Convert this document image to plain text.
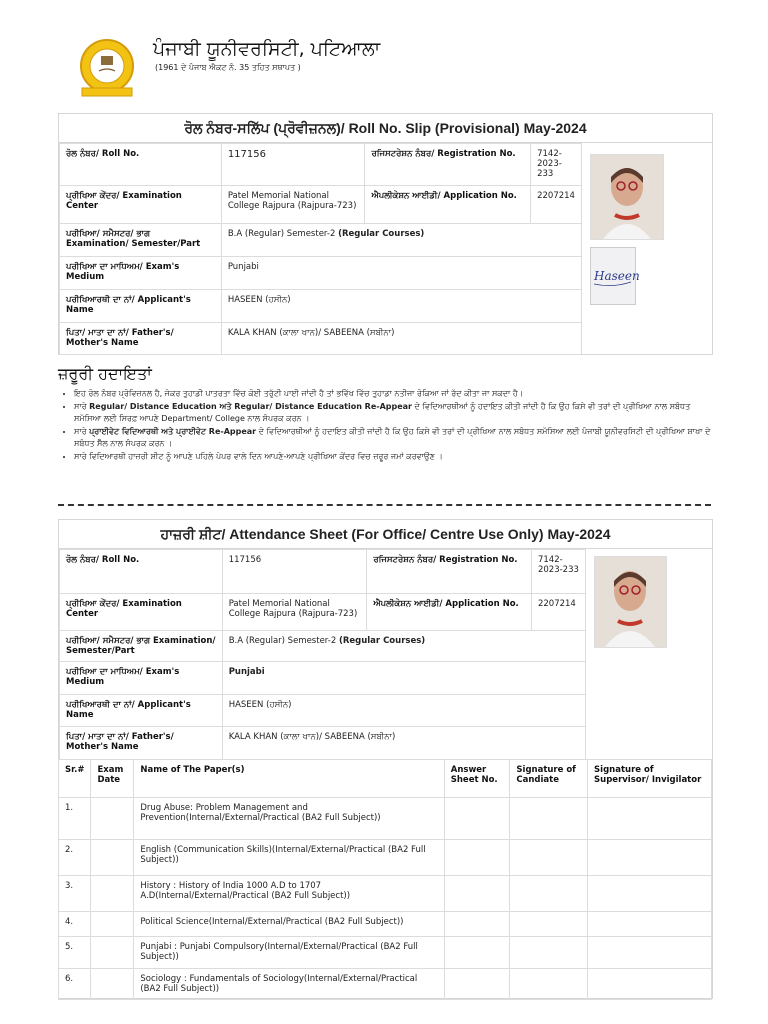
ਪੰਜਾਬੀ ਯੂਨੀਵਰਸਿਟੀ, ਪਟਿਆਲਾ
(1961 ਦੇ ਪੰਜਾਬ ਐਕਟ ਨੰ. 35 ਤਹਿਤ ਸਥਾਪਤ )
ਰੋਲ ਨੰਬਰ-ਸਲਿੱਪ (ਪ੍ਰੋਵੀਜ਼ਨਲ)/ Roll No. Slip (Provisional) May-2024
ਰੋਲ ਨੰਬਰ/ Roll No.	117156	ਰਜਿਸਟਰੇਸ਼ਨ ਨੰਬਰ/ Registration No.	7142-2023-233
ਪ੍ਰੀਖਿਆ ਕੇਂਦਰ/ Examination Center	Patel Memorial National College Rajpura (Rajpura-723)	ਐਪਲੀਕੇਸ਼ਨ ਆਈਡੀ/ Application No.	2207214
ਪਰੀਖਿਆ/ ਸਮੈਸਟਰ/ ਭਾਗ Examination/ Semester/Part	B.A (Regular) Semester-2 (Regular Courses)		
ਪਰੀਖਿਆ ਦਾ ਮਾਧਿਅਮ/ Exam's Medium	Punjabi		
ਪਰੀਖਿਆਰਥੀ ਦਾ ਨਾਂ/ Applicant's Name	HASEEN (ਹਸੀਨ)		
ਪਿਤਾ/ ਮਾਤਾ ਦਾ ਨਾਂ/ Father's/ Mother's Name	KALA KHAN (ਕਾਲਾ ਖਾਨ)/ SABEENA (ਸਬੀਨਾ)		
Haseen
ਜ਼ਰੂਰੀ ਹਦਾਇਤਾਂ
• ਇਹ ਰੋਲ ਨੰਬਰ ਪ੍ਰੋਵਿਜ਼ਨਲ ਹੈ, ਜੇਕਰ ਤੁਹਾਡੀ ਪਾਤਰਤਾ ਵਿੱਚ ਕੋਈ ਤਰੁੱਟੀ ਪਾਈ ਜਾਂਦੀ ਹੈ ਤਾਂ ਭਵਿੱਖ ਵਿੱਚ ਤੁਹਾਡਾ ਨਤੀਜਾ ਰੋਕਿਆ ਜਾਂ ਰੱਦ ਕੀਤਾ ਜਾ ਸਕਦਾ ਹੈ।
• ਸਾਰੇ Regular/ Distance Education ਅਤੇ Regular/ Distance Education Re-Appear ਦੇ ਵਿਦਿਆਰਥੀਆਂ ਨੂੰ ਹਦਾਇਤ ਕੀਤੀ ਜਾਂਦੀ ਹੈ ਕਿ ਉਹ ਕਿਸੇ ਵੀ ਤਰਾਂ ਦੀ ਪ੍ਰੀਖਿਆ ਨਾਲ ਸਬੰਧਤ ਸਮੱਸਿਆ ਲਈ ਸਿਰਫ਼ ਆਪਣੇ Department/ College ਨਾਲ ਸੰਪਰਕ ਕਰਨ ।
• ਸਾਰੇ ਪ੍ਰਾਈਵੇਟ ਵਿਦਿਆਰਥੀ ਅਤੇ ਪ੍ਰਾਈਵੇਟ Re-Appear ਦੇ ਵਿਦਿਆਰਥੀਆਂ ਨੂੰ ਹਦਾਇਤ ਕੀਤੀ ਜਾਂਦੀ ਹੈ ਕਿ ਉਹ ਕਿਸੇ ਵੀ ਤਰਾਂ ਦੀ ਪ੍ਰੀਖਿਆ ਨਾਲ ਸਬੰਧਤ ਸਮੱਸਿਆ ਲਈ ਪੰਜਾਬੀ ਯੂਨੀਵਰਸਿਟੀ ਦੀ ਪ੍ਰੀਖਿਆ ਸ਼ਾਖਾ ਦੇ ਸਬੰਧਤ ਸੈੱਲ ਨਾਲ ਸੰਪਰਕ ਕਰਨ ।
• ਸਾਰੇ ਵਿਦਿਆਰਥੀ ਹਾਜ਼ਰੀ ਸ਼ੀਟ ਨੂੰ ਆਪਣੇ ਪਹਿਲੇ ਪੇਪਰ ਵਾਲੇ ਦਿਨ ਆਪਣੇ-ਆਪਣੇ ਪ੍ਰੀਖਿਆ ਕੇਂਦਰ ਵਿਚ ਜ਼ਰੂਰ ਜਮਾਂ ਕਰਵਾਉਣ ।
ਹਾਜ਼ਰੀ ਸ਼ੀਟ/ Attendance Sheet (For Office/ Centre Use Only) May-2024
ਰੋਲ ਨੰਬਰ/ Roll No.	117156	ਰਜਿਸਟਰੇਸ਼ਨ ਨੰਬਰ/ Registration No.	7142-2023-233
ਪ੍ਰੀਖਿਆ ਕੇਂਦਰ/ Examination Center	Patel Memorial National College Rajpura (Rajpura-723)	ਐਪਲੀਕੇਸ਼ਨ ਆਈਡੀ/ Application No.	2207214
ਪਰੀਖਿਆ/ ਸਮੈਸਟਰ/ ਭਾਗ Examination/ Semester/Part	B.A (Regular) Semester-2 (Regular Courses)		
ਪਰੀਖਿਆ ਦਾ ਮਾਧਿਅਮ/ Exam's Medium	Punjabi		
ਪਰੀਖਿਆਰਥੀ ਦਾ ਨਾਂ/ Applicant's Name	HASEEN (ਹਸੀਨ)		
ਪਿਤਾ/ ਮਾਤਾ ਦਾ ਨਾਂ/ Father's/ Mother's Name	KALA KHAN (ਕਾਲਾ ਖਾਨ)/ SABEENA (ਸਬੀਨਾ)		
Sr.#	Exam Date	Name of The Paper(s)	Answer Sheet No.	Signature of Candiate	Signature of Supervisor/ Invigilator
1.		Drug Abuse: Problem Management and Prevention(Internal/External/Practical (BA2 Full Subject))			
2.		English (Communication Skills)(Internal/External/Practical (BA2 Full Subject))			
3.		History : History of India 1000 A.D to 1707 A.D(Internal/External/Practical (BA2 Full Subject))			
4.		Political Science(Internal/External/Practical (BA2 Full Subject))			
5.		Punjabi : Punjabi Compulsory(Internal/External/Practical (BA2 Full Subject))			
6.		Sociology : Fundamentals of Sociology(Internal/External/Practical (BA2 Full Subject))			
